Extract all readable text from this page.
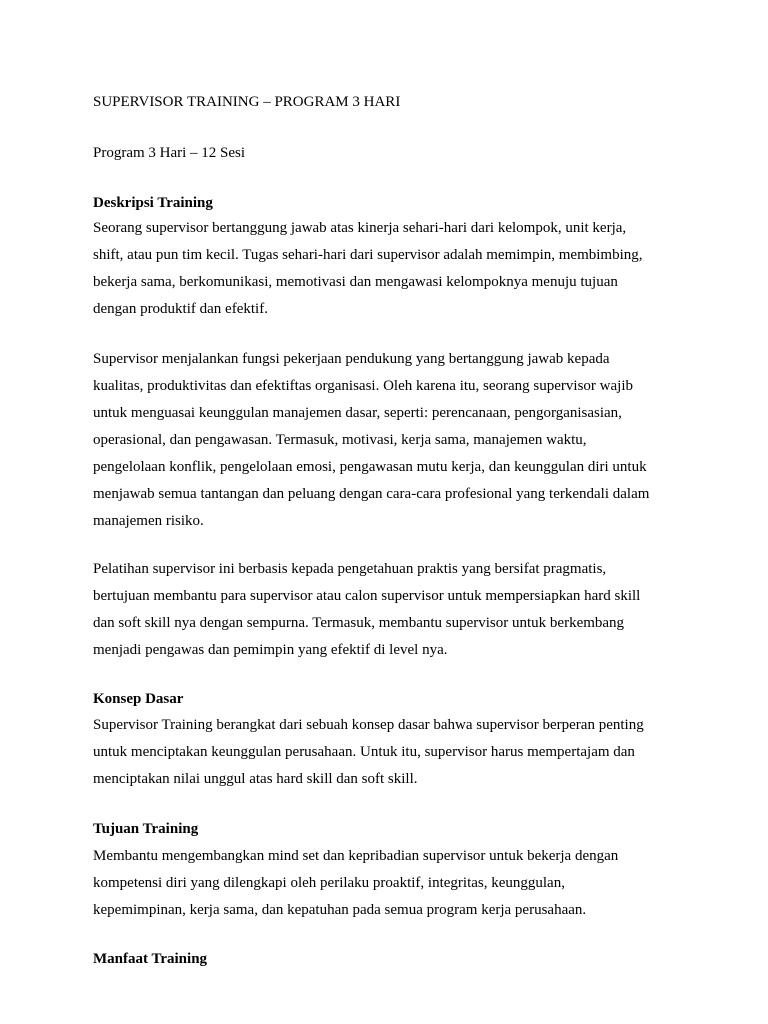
SUPERVISOR TRAINING – PROGRAM 3 HARI
Program 3 Hari – 12 Sesi
Deskripsi Training
Seorang supervisor bertanggung jawab atas kinerja sehari-hari dari kelompok, unit kerja,
shift, atau pun tim kecil. Tugas sehari-hari dari supervisor adalah memimpin, membimbing,
bekerja sama, berkomunikasi, memotivasi dan mengawasi kelompoknya menuju tujuan
dengan produktif dan efektif.
Supervisor menjalankan fungsi pekerjaan pendukung yang bertanggung jawab kepada
kualitas, produktivitas dan efektiftas organisasi. Oleh karena itu, seorang supervisor wajib
untuk menguasai keunggulan manajemen dasar, seperti: perencanaan, pengorganisasian,
operasional, dan pengawasan. Termasuk, motivasi, kerja sama, manajemen waktu,
pengelolaan konflik, pengelolaan emosi, pengawasan mutu kerja, dan keunggulan diri untuk
menjawab semua tantangan dan peluang dengan cara-cara profesional yang terkendali dalam
manajemen risiko.
Pelatihan supervisor ini berbasis kepada pengetahuan praktis yang bersifat pragmatis,
bertujuan membantu para supervisor atau calon supervisor untuk mempersiapkan hard skill
dan soft skill nya dengan sempurna. Termasuk, membantu supervisor untuk berkembang
menjadi pengawas dan pemimpin yang efektif di level nya.
Konsep Dasar
Supervisor Training berangkat dari sebuah konsep dasar bahwa supervisor berperan penting
untuk menciptakan keunggulan perusahaan. Untuk itu, supervisor harus mempertajam dan
menciptakan nilai unggul atas hard skill dan soft skill.
Tujuan Training
Membantu mengembangkan mind set dan kepribadian supervisor untuk bekerja dengan
kompetensi diri yang dilengkapi oleh perilaku proaktif, integritas, keunggulan,
kepemimpinan, kerja sama, dan kepatuhan pada semua program kerja perusahaan.
Manfaat Training
